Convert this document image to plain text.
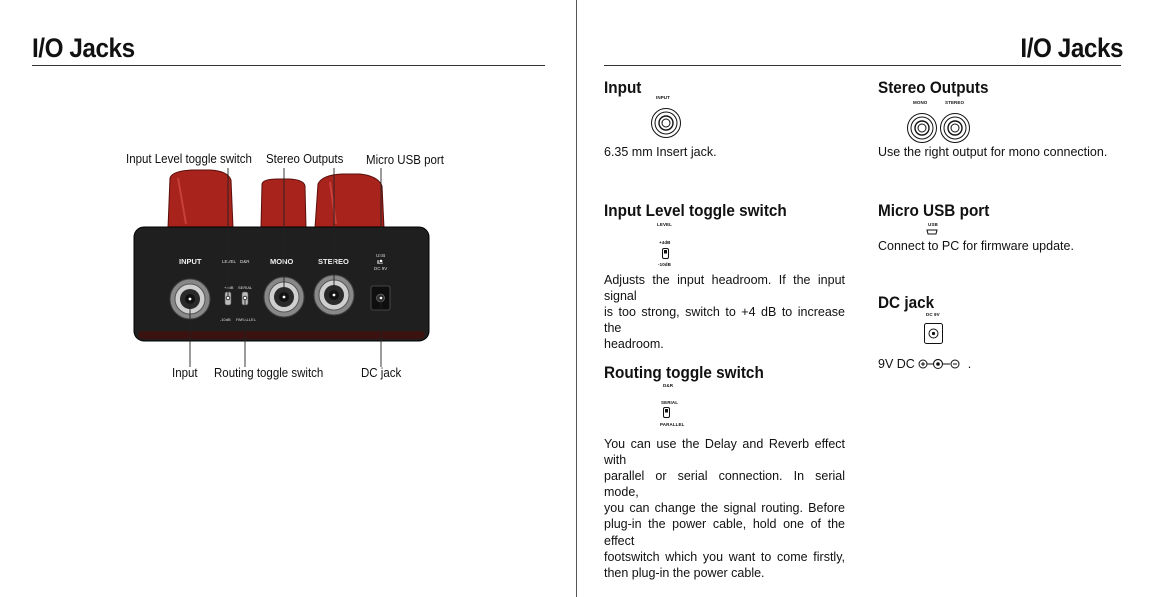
I/O Jacks	I/O Jacks
INPUT	LEVEL D&R	MONO	STEREO
USB
DC 9V
+4dB SERIAL
-10dB PARALLEL
Input Level toggle switch Stereo Outputs Micro USB port
Input Routing toggle switch	DC jack
Input
INPUT
6.35 mm Insert jack.
Input Level toggle switch
LEVEL
+4dB
-10dB
Adjusts the input headroom. If the input signal
is too strong, switch to +4 dB to increase the
headroom.
Routing toggle switch
D&R
SERIAL
PARALLEL
You can use the Delay and Reverb effect with
parallel or serial connection. In serial mode,
you can change the signal routing. Before
plug-in the power cable, hold one of the effect
footswitch which you want to come firstly,
then plug-in the power cable.
Stereo Outputs
MONO	STEREO
Use the right output for mono connection.
Micro USB port
USB
Connect to PC for firmware update.
DC jack
DC 9V
9V DC	.
